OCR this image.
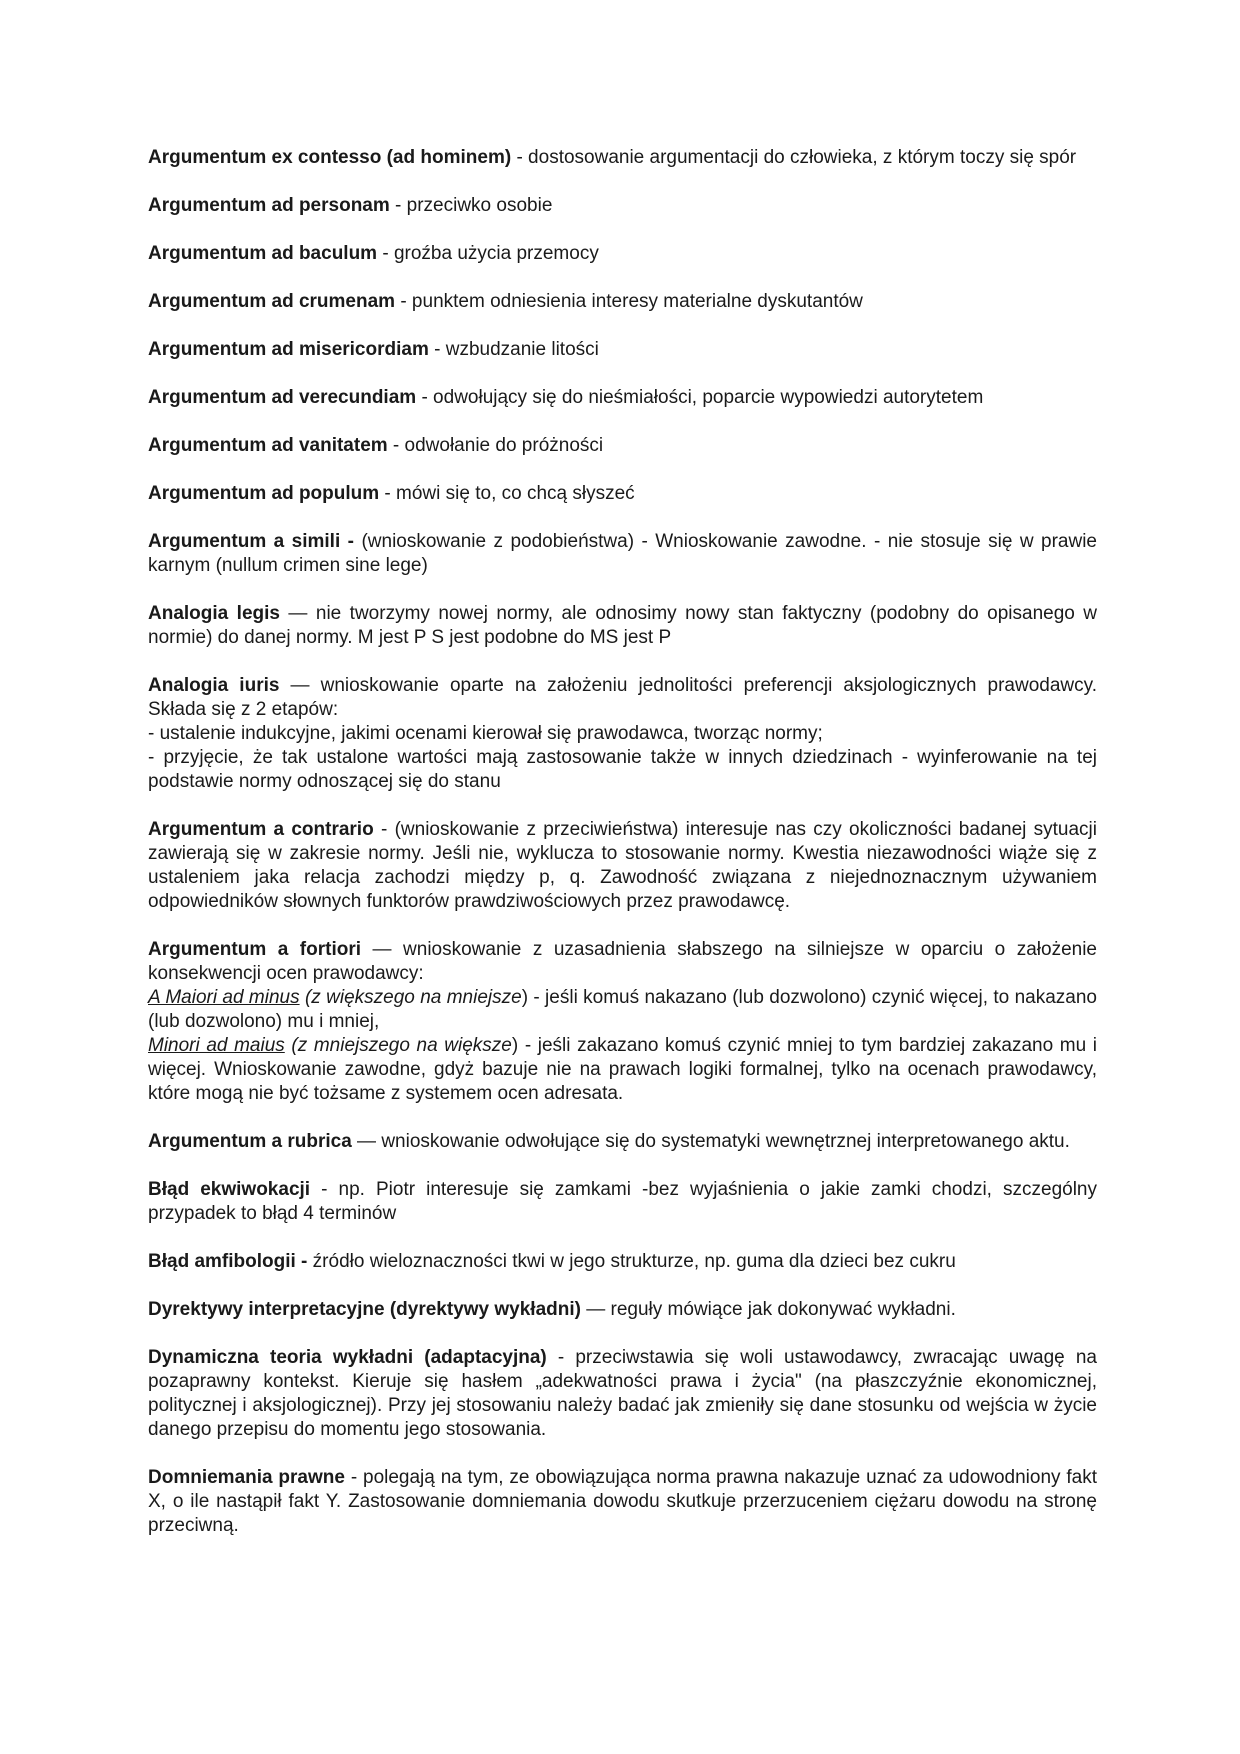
Argumentum ex contesso (ad hominem) - dostosowanie argumentacji do człowieka, z którym toczy się spór

Argumentum ad personam - przeciwko osobie

Argumentum ad baculum - groźba użycia przemocy

Argumentum ad crumenam - punktem odniesienia interesy materialne dyskutantów

Argumentum ad misericordiam - wzbudzanie litości

Argumentum ad verecundiam - odwołujący się do nieśmiałości, poparcie wypowiedzi autorytetem

Argumentum ad vanitatem - odwołanie do próżności

Argumentum ad populum - mówi się to, co chcą słyszeć

Argumentum a simili - (wnioskowanie z podobieństwa) - Wnioskowanie zawodne. - nie stosuje się w prawie karnym (nullum crimen sine lege)

Analogia legis — nie tworzymy nowej normy, ale odnosimy nowy stan faktyczny (podobny do opisanego w normie) do danej normy. M jest P S jest podobne do MS jest P

Analogia iuris — wnioskowanie oparte na założeniu jednolitości preferencji aksjologicznych prawodawcy. Składa się z 2 etapów:

- ustalenie indukcyjne, jakimi ocenami kierował się prawodawca, tworząc normy;

- przyjęcie, że tak ustalone wartości mają zastosowanie także w innych dziedzinach - wyinferowanie na tej podstawie normy odnoszącej się do stanu

Argumentum a contrario - (wnioskowanie z przeciwieństwa) interesuje nas czy okoliczności badanej sytuacji zawierają się w zakresie normy. Jeśli nie, wyklucza to stosowanie normy. Kwestia niezawodności wiąże się z ustaleniem jaka relacja zachodzi między p, q. Zawodność związana z niejednoznacznym używaniem odpowiedników słownych funktorów prawdziwościowych przez prawodawcę.

Argumentum a fortiori — wnioskowanie z uzasadnienia słabszego na silniejsze w oparciu o założenie konsekwencji ocen prawodawcy:

A Maiori ad minus (z większego na mniejsze) - jeśli komuś nakazano (lub dozwolono) czynić więcej, to nakazano (lub dozwolono) mu i mniej,

Minori ad maius (z mniejszego na większe) - jeśli zakazano komuś czynić mniej to tym bardziej zakazano mu i więcej. Wnioskowanie zawodne, gdyż bazuje nie na prawach logiki formalnej, tylko na ocenach prawodawcy, które mogą nie być tożsame z systemem ocen adresata.

Argumentum a rubrica — wnioskowanie odwołujące się do systematyki wewnętrznej interpretowanego aktu.

Błąd ekwiwokacji - np. Piotr interesuje się zamkami -bez wyjaśnienia o jakie zamki chodzi, szczególny przypadek to błąd 4 terminów

Błąd amfibologii - źródło wieloznaczności tkwi w jego strukturze, np. guma dla dzieci bez cukru

Dyrektywy interpretacyjne (dyrektywy wykładni) — reguły mówiące jak dokonywać wykładni.

Dynamiczna teoria wykładni (adaptacyjna) - przeciwstawia się woli ustawodawcy, zwracając uwagę na pozaprawny kontekst. Kieruje się hasłem „adekwatności prawa i życia" (na płaszczyźnie ekonomicznej, politycznej i aksjologicznej). Przy jej stosowaniu należy badać jak zmieniły się dane stosunku od wejścia w życie danego przepisu do momentu jego stosowania.

Domniemania prawne - polegają na tym, ze obowiązująca norma prawna nakazuje uznać za udowodniony fakt X, o ile nastąpił fakt Y. Zastosowanie domniemania dowodu skutkuje przerzuceniem ciężaru dowodu na stronę przeciwną.
